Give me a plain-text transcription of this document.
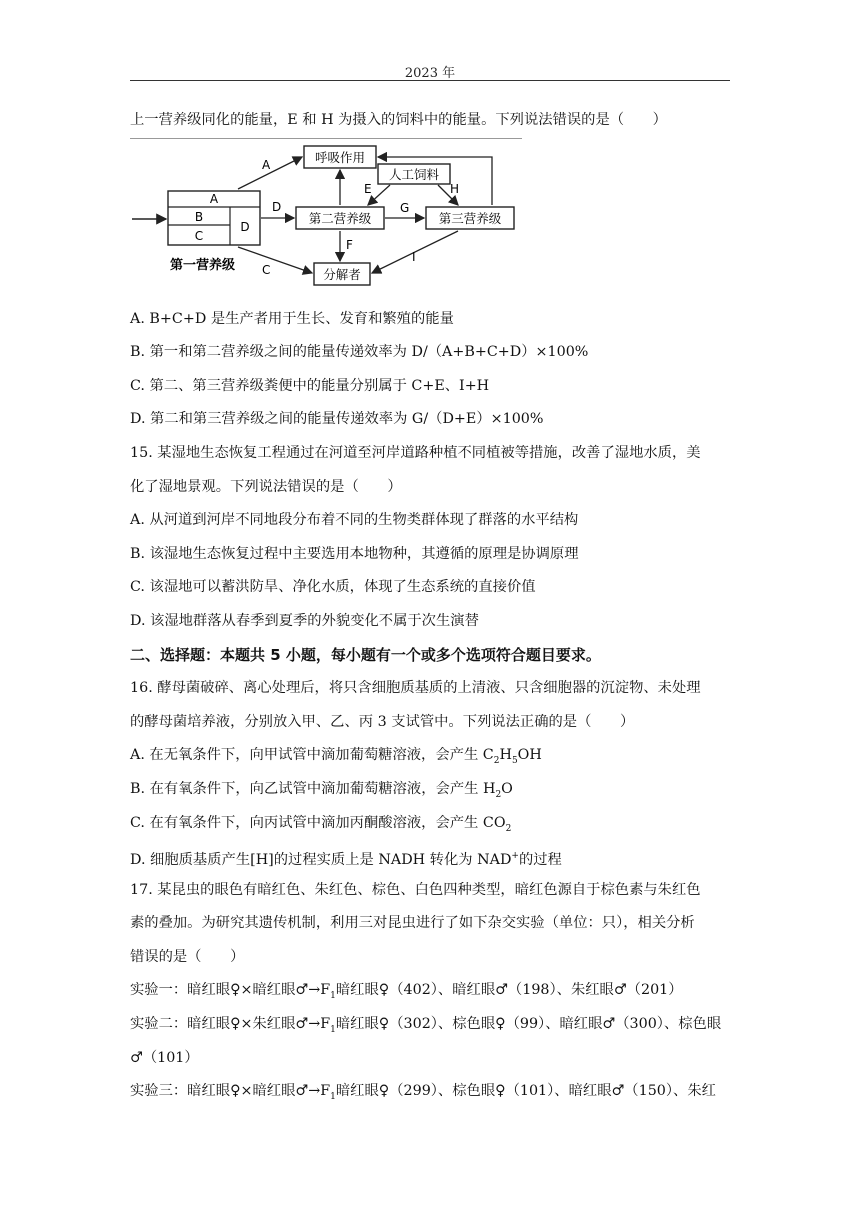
2023 年
上一营养级同化的能量，E 和 H 为摄入的饲料中的能量。下列说法错误的是（　　）
A
B
C
D
第一营养级
呼吸作用
人工饲料
第二营养级	第三营养级
分解者
A
D
C
E	H
G
F
I
A. B+C+D 是生产者用于生长、发育和繁殖的能量
B. 第一和第二营养级之间的能量传递效率为 D/（A+B+C+D）×100%
C. 第二、第三营养级粪便中的能量分别属于 C+E、I+H
D. 第二和第三营养级之间的能量传递效率为 G/（D+E）×100%
15. 某湿地生态恢复工程通过在河道至河岸道路种植不同植被等措施，改善了湿地水质，美
化了湿地景观。下列说法错误的是（　　）
A. 从河道到河岸不同地段分布着不同的生物类群体现了群落的水平结构
B. 该湿地生态恢复过程中主要选用本地物种，其遵循的原理是协调原理
C. 该湿地可以蓄洪防旱、净化水质，体现了生态系统的直接价值
D. 该湿地群落从春季到夏季的外貌变化不属于次生演替
二、选择题：本题共 5 小题，每小题有一个或多个选项符合题目要求。
16. 酵母菌破碎、离心处理后，将只含细胞质基质的上清液、只含细胞器的沉淀物、未处理
的酵母菌培养液，分别放入甲、乙、丙 3 支试管中。下列说法正确的是（　　）
A. 在无氧条件下，向甲试管中滴加葡萄糖溶液，会产生 $C_2H_5OH$
B. 在有氧条件下，向乙试管中滴加葡萄糖溶液，会产生 $H_2O$
C. 在有氧条件下，向丙试管中滴加丙酮酸溶液，会产生 $CO_2$
D. 细胞质基质产生[H]的过程实质上是 NADH 转化为 NAD+的过程
17. 某昆虫的眼色有暗红色、朱红色、棕色、白色四种类型，暗红色源自于棕色素与朱红色
素的叠加。为研究其遗传机制，利用三对昆虫进行了如下杂交实验（单位：只），相关分析
错误的是（　　）
实验一：暗红眼♀×暗红眼$♂\to F_1$暗红眼♀（402）、暗红眼♂（198）、朱红眼♂（201）
实验二：暗红眼♀×朱红眼$♂\to F_1$暗红眼♀（302）、棕色眼♀（99）、暗红眼♂（300）、棕色眼
♂（101）
实验三：暗红眼♀×暗红眼$♂\to F_1$暗红眼♀（299）、棕色眼♀（101）、暗红眼♂（150）、朱红
